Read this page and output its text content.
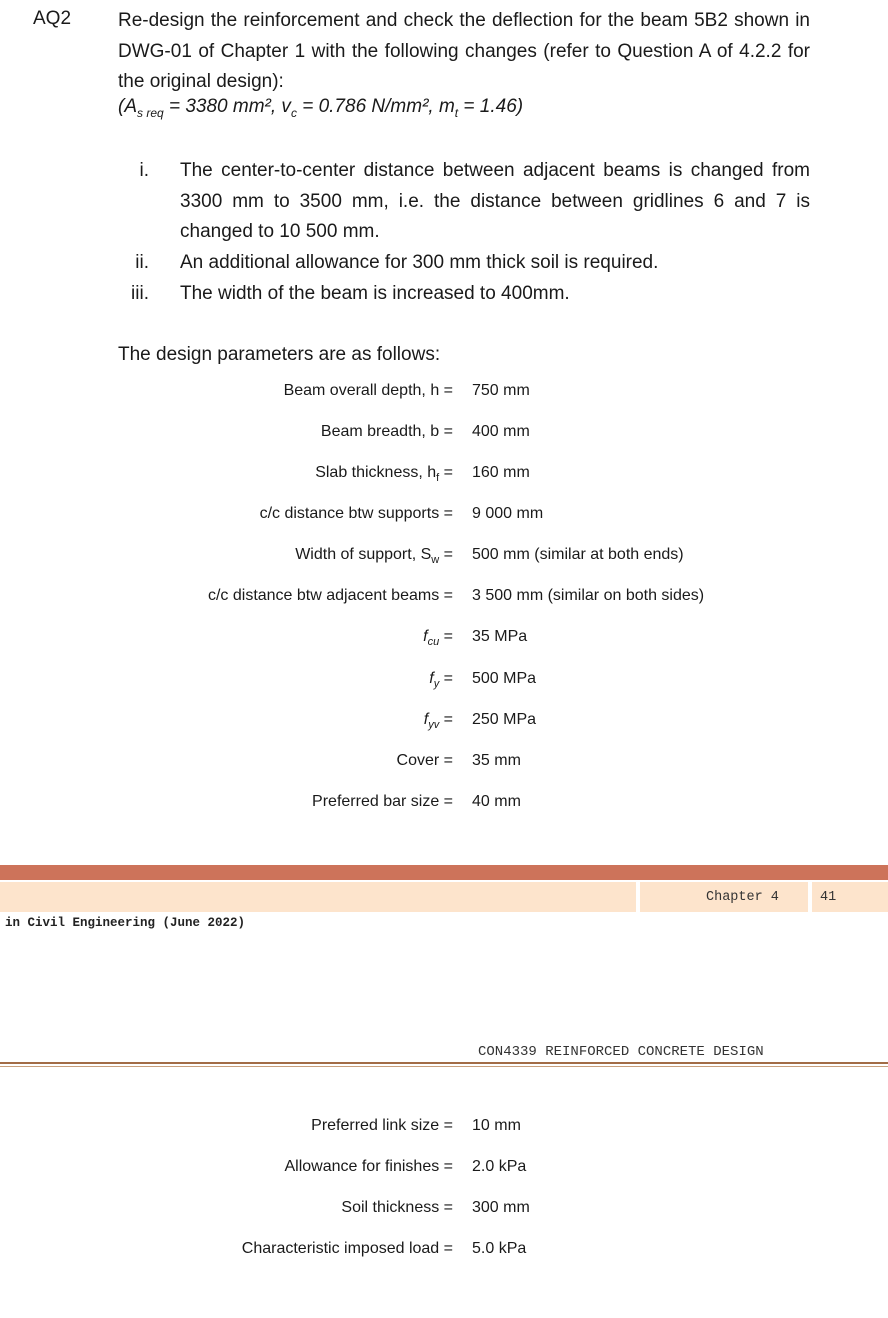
AQ2 Re-design the reinforcement and check the deflection for the beam 5B2 shown in DWG-01 of Chapter 1 with the following changes (refer to Question A of 4.2.2 for the original design):
($A_{s req} = 3380$ mm², $v_c = 0.786$ N/mm², $m_t = 1.46$)
i. The center-to-center distance between adjacent beams is changed from 3300 mm to 3500 mm, i.e. the distance between gridlines 6 and 7 is changed to 10 500 mm.
ii. An additional allowance for 300 mm thick soil is required.
iii. The width of the beam is increased to 400mm.
The design parameters are as follows:
Beam overall depth, h = 750 mm
Beam breadth, b = 400 mm
Slab thickness, $h_f = 160$ mm
c/c distance btw supports = 9 000 mm
Width of support, $S_w = 500$ mm (similar at both ends)
c/c distance btw adjacent beams = 3 500 mm (similar on both sides)
$f_{cu} = 35$ MPa
$f_y = 500$ MPa
$f_{yv} = 250$ MPa
Cover = 35 mm
Preferred bar size = 40 mm
Chapter 4	41
in Civil Engineering (June 2022)
CON4339 REINFORCED CONCRETE DESIGN
Preferred link size = 10 mm
Allowance for finishes = 2.0 kPa
Soil thickness = 300 mm
Characteristic imposed load = 5.0 kPa
